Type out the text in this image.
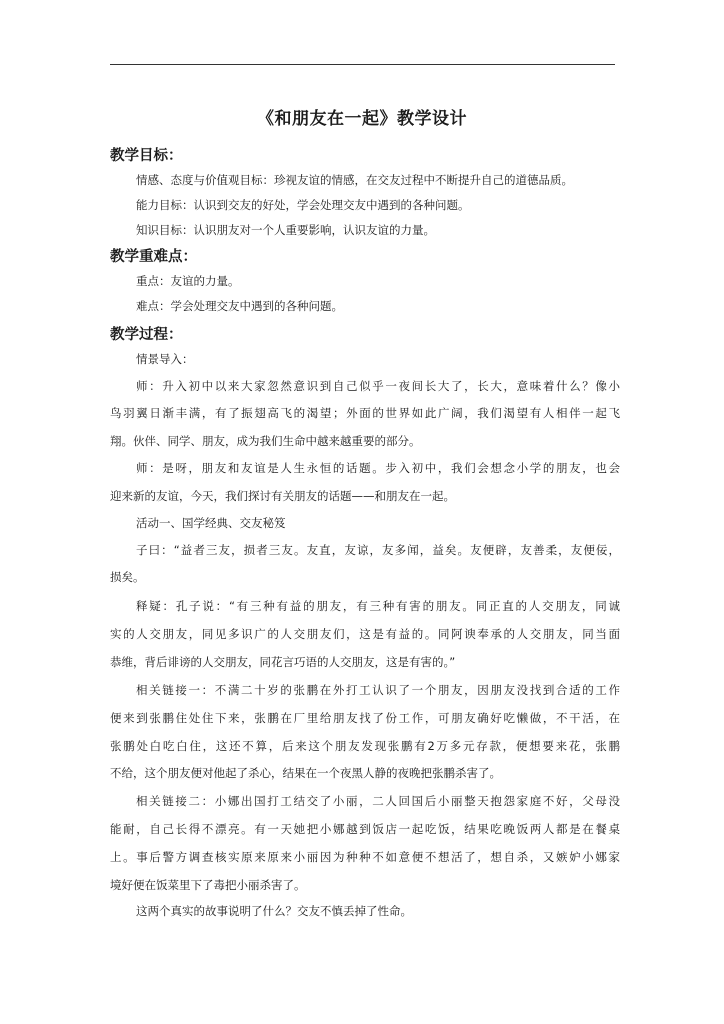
《和朋友在一起》教学设计
教学目标：
情感、态度与价值观目标：珍视友谊的情感，在交友过程中不断提升自己的道德品质。
能力目标：认识到交友的好处，学会处理交友中遇到的各种问题。
知识目标：认识朋友对一个人重要影响，认识友谊的力量。
教学重难点：
重点：友谊的力量。
难点：学会处理交友中遇到的各种问题。
教学过程：
情景导入：
师：升入初中以来大家忽然意识到自己似乎一夜间长大了，长大，意味着什么？像小
鸟羽翼日渐丰满，有了振翅高飞的渴望；外面的世界如此广阔，我们渴望有人相伴一起飞
翔。伙伴、同学、朋友，成为我们生命中越来越重要的部分。
师：是呀，朋友和友谊是人生永恒的话题。步入初中，我们会想念小学的朋友，也会
迎来新的友谊，今天，我们探讨有关朋友的话题——和朋友在一起。
活动一、国学经典、交友秘笈
子曰：“益者三友，损者三友。友直，友谅，友多闻，益矣。友便辟，友善柔，友便佞，
损矣。
释疑：孔子说：“有三种有益的朋友，有三种有害的朋友。同正直的人交朋友，同诚
实的人交朋友，同见多识广的人交朋友们，这是有益的。同阿谀奉承的人交朋友，同当面
恭维，背后诽谤的人交朋友，同花言巧语的人交朋友，这是有害的。”
相关链接一：不满二十岁的张鹏在外打工认识了一个朋友，因朋友没找到合适的工作
便来到张鹏住处住下来，张鹏在厂里给朋友找了份工作，可朋友确好吃懒做，不干活，在
张鹏处白吃白住，这还不算，后来这个朋友发现张鹏有2万多元存款，便想要来花，张鹏
不给，这个朋友便对他起了杀心，结果在一个夜黑人静的夜晚把张鹏杀害了。
相关链接二：小娜出国打工结交了小丽，二人回国后小丽整天抱怨家庭不好，父母没
能耐，自己长得不漂亮。有一天她把小娜越到饭店一起吃饭，结果吃晚饭两人都是在餐桌
上。事后警方调查核实原来原来小丽因为种种不如意便不想活了，想自杀，又嫉妒小娜家
境好便在饭菜里下了毒把小丽杀害了。
这两个真实的故事说明了什么？交友不慎丢掉了性命。
